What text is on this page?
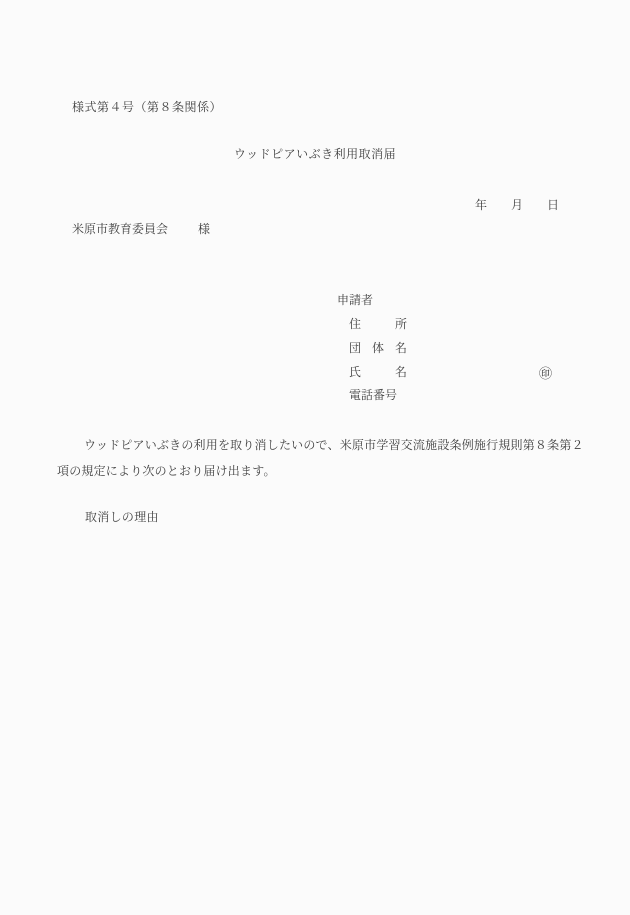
様式第４号（第８条関係）
ウッドピアいぶき利用取消届
年 月 日
米原市教育委員会	様
申請者
住所
団体名
氏名	㊞
電話番号
ウッドピアいぶきの利用を取り消したいので、米原市学習交流施設条例施行規則第８条第２
項の規定により次のとおり届け出ます。
取消しの理由
